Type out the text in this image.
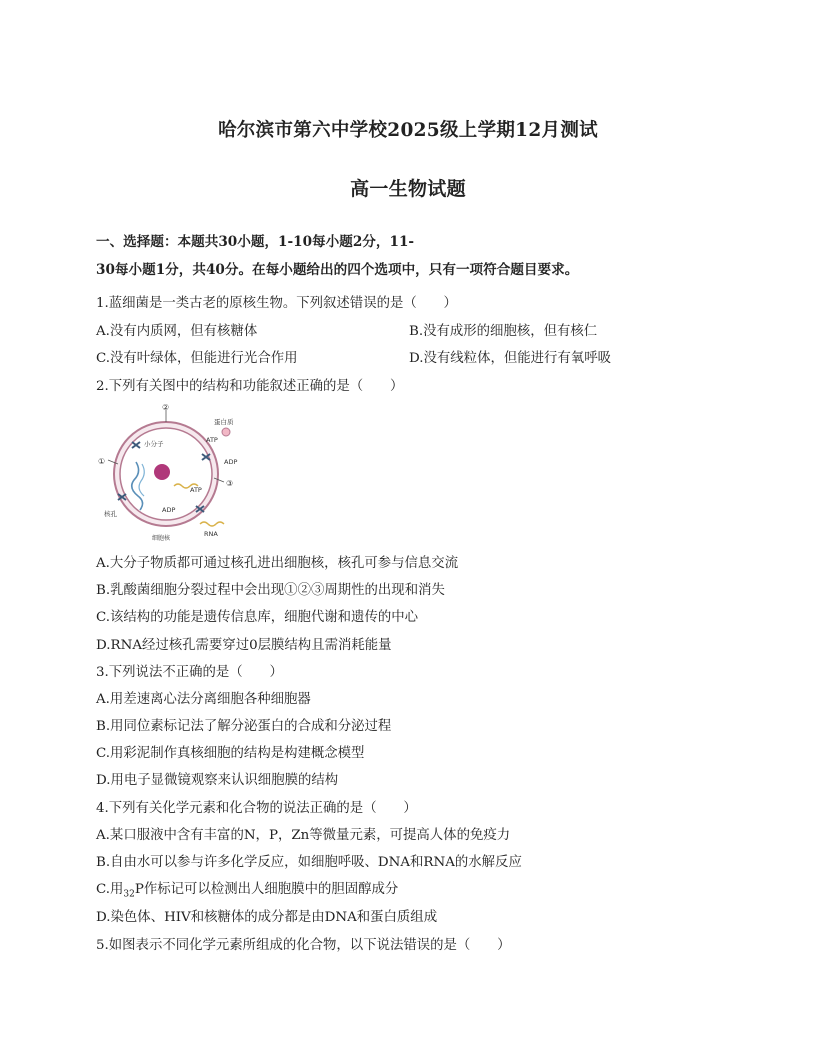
哈尔滨市第六中学校2025级上学期12月测试
高一生物试题
一、选择题：本题共30小题，1-10每小题2分，11-
30每小题1分，共40分。在每小题给出的四个选项中，只有一项符合题目要求。
1.蓝细菌是一类古老的原核生物。下列叙述错误的是（　　）
A.没有内质网，但有核糖体	B.没有成形的细胞核，但有核仁
C.没有叶绿体，但能进行光合作用	D.没有线粒体，但能进行有氧呼吸
2.下列有关图中的结构和功能叙述正确的是（　　）
②
①
③
小分子
蛋白质
ATP
ADP
ATP
ADP
RNA
核孔
细胞核
A.大分子物质都可通过核孔进出细胞核，核孔可参与信息交流
B.乳酸菌细胞分裂过程中会出现①②③周期性的出现和消失
C.该结构的功能是遗传信息库，细胞代谢和遗传的中心
D.RNA经过核孔需要穿过0层膜结构且需消耗能量
3.下列说法不正确的是（　　）
A.用差速离心法分离细胞各种细胞器
B.用同位素标记法了解分泌蛋白的合成和分泌过程
C.用彩泥制作真核细胞的结构是构建概念模型
D.用电子显微镜观察来认识细胞膜的结构
4.下列有关化学元素和化合物的说法正确的是（　　）
A.某口服液中含有丰富的N，P，Zn等微量元素，可提高人体的免疫力
B.自由水可以参与许多化学反应，如细胞呼吸、DNA和RNA的水解反应
C.用$_{32}$P作标记可以检测出人细胞膜中的胆固醇成分
D.染色体、HIV和核糖体的成分都是由DNA和蛋白质组成
5.如图表示不同化学元素所组成的化合物，以下说法错误的是（　　）
